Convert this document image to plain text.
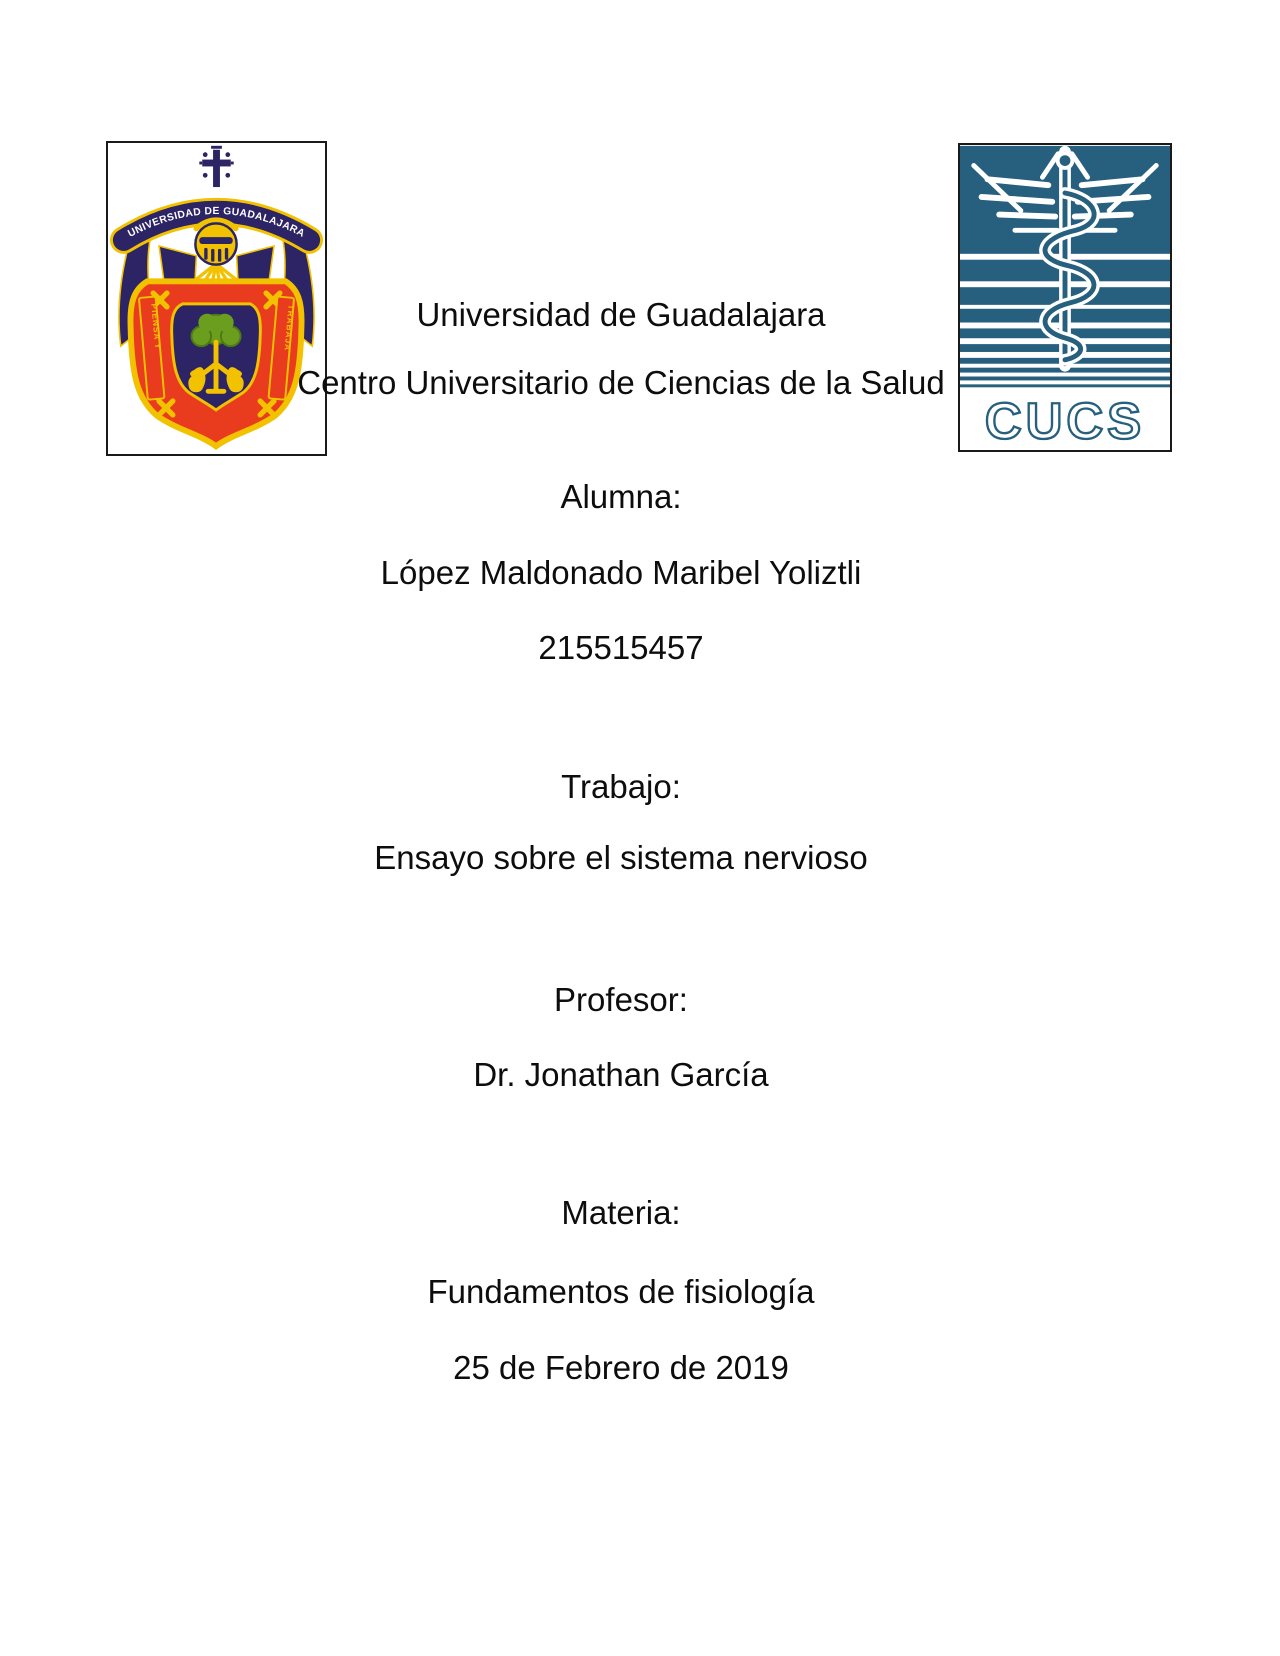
UNIVERSIDAD DE GUADALAJARA
PIENSA Y	TRABAJA
CUCS
Universidad de Guadalajara
Centro Universitario de Ciencias de la Salud
Alumna:
López Maldonado Maribel Yoliztli
215515457
Trabajo:
Ensayo sobre el sistema nervioso
Profesor:
Dr. Jonathan García
Materia:
Fundamentos de fisiología
25 de Febrero de 2019
